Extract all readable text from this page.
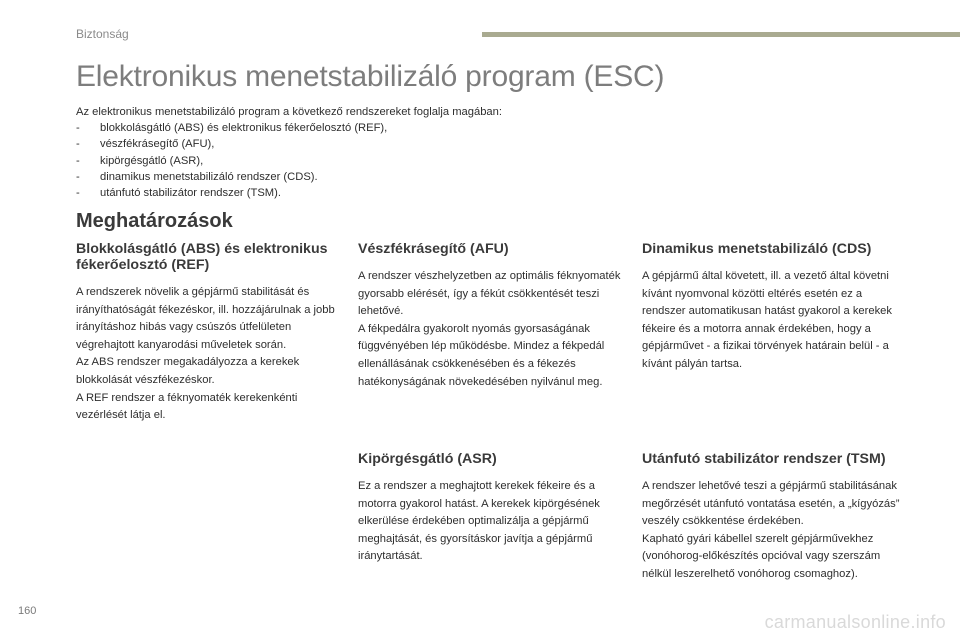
Biztonság
Elektronikus menetstabilizáló program (ESC)
Az elektronikus menetstabilizáló program a következő rendszereket foglalja magában:
- blokkolásgátló (ABS) és elektronikus fékerőelosztó (REF),
- vészfékrásegítő (AFU),
- kipörgésgátló (ASR),
- dinamikus menetstabilizáló rendszer (CDS).
- utánfutó stabilizátor rendszer (TSM).
Meghatározások
Blokkolásgátló (ABS) és elektronikus fékerőelosztó (REF)

A rendszerek növelik a gépjármű stabilitását és irányíthatóságát fékezéskor, ill. hozzájárulnak a jobb irányításhoz hibás vagy csúszós útfelületen végrehajtott kanyarodási műveletek során.
Az ABS rendszer megakadályozza a kerekek blokkolását vészfékezéskor.
A REF rendszer a féknyomaték kerekenkénti vezérlését látja el.

Vészfékrásegítő (AFU)

A rendszer vészhelyzetben az optimális féknyomaték gyorsabb elérését, így a fékút csökkentését teszi lehetővé.
A fékpedálra gyakorolt nyomás gyorsaságának függvényében lép működésbe. Mindez a fékpedál ellenállásának csökkenésében és a fékezés hatékonyságának növekedésében nyilvánul meg.

Dinamikus menetstabilizáló (CDS)

A gépjármű által követett, ill. a vezető által követni kívánt nyomvonal közötti eltérés esetén ez a rendszer automatikusan hatást gyakorol a kerekek fékeire és a motorra annak érdekében, hogy a gépjárművet - a fizikai törvények határain belül - a kívánt pályán tartsa.

Kipörgésgátló (ASR)

Ez a rendszer a meghajtott kerekek fékeire és a motorra gyakorol hatást. A kerekek kipörgésének elkerülése érdekében optimalizálja a gépjármű meghajtását, és gyorsításkor javítja a gépjármű iránytartását.

Utánfutó stabilizátor rendszer (TSM)

A rendszer lehetővé teszi a gépjármű stabilitásának megőrzését utánfutó vontatása esetén, a „kígyózás” veszély csökkentése érdekében.
Kapható gyári kábellel szerelt gépjárművekhez (vonóhorog-előkészítés opcióval vagy szerszám nélkül leszerelhető vonóhorog csomaghoz).

160
carmanualsonline.info
